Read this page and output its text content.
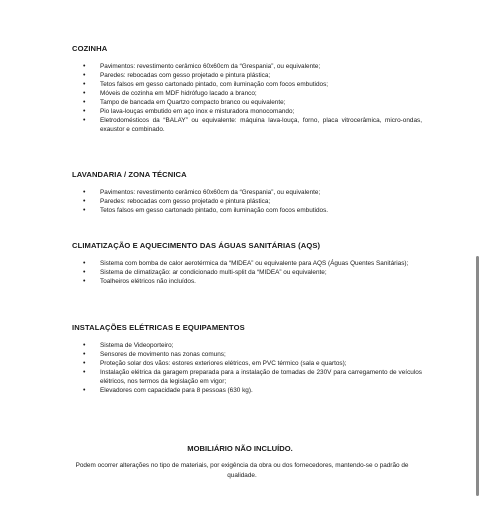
COZINHA
• Pavimentos: revestimento cerâmico 60x60cm da “Grespania”, ou equivalente;
• Paredes: rebocadas com gesso projetado e pintura plástica;
• Tetos falsos em gesso cartonado pintado, com iluminação com focos embutidos;
• Móveis de cozinha em MDF hidrófugo lacado a branco;
• Tampo de bancada em Quartzo compacto branco ou equivalente;
• Pio lava-louças embutido em aço inox e misturadora monocomando;
• Eletrodomésticos da “BALAY” ou equivalente: máquina lava-louça, forno, placa vitrocerâmica, micro-ondas, exaustor e combinado.
LAVANDARIA / ZONA TÉCNICA
• Pavimentos: revestimento cerâmico 60x60cm da “Grespania”, ou equivalente;
• Paredes: rebocadas com gesso projetado e pintura plástica;
• Tetos falsos em gesso cartonado pintado, com iluminação com focos embutidos.
CLIMATIZAÇÃO E AQUECIMENTO DAS ÁGUAS SANITÁRIAS (AQS)
• Sistema com bomba de calor aerotérmica da “MIDEA” ou equivalente para AQS (Águas Quentes Sanitárias);
• Sistema de climatização: ar condicionado multi-split da “MIDEA” ou equivalente;
• Toalheiros elétricos não incluídos.
INSTALAÇÕES ELÉTRICAS E EQUIPAMENTOS
• Sistema de Videoporteiro;
• Sensores de movimento nas zonas comuns;
• Proteção solar dos vãos: estores exteriores elétricos, em PVC térmico (sala e quartos);
• Instalação elétrica da garagem preparada para a instalação de tomadas de 230V para carregamento de veículos elétricos, nos termos da legislação em vigor;
• Elevadores com capacidade para 8 pessoas (630 kg).
MOBILIÁRIO NÃO INCLUÍDO.
Podem ocorrer alterações no tipo de materiais, por exigência da obra ou dos fornecedores, mantendo-se o padrão de qualidade.
